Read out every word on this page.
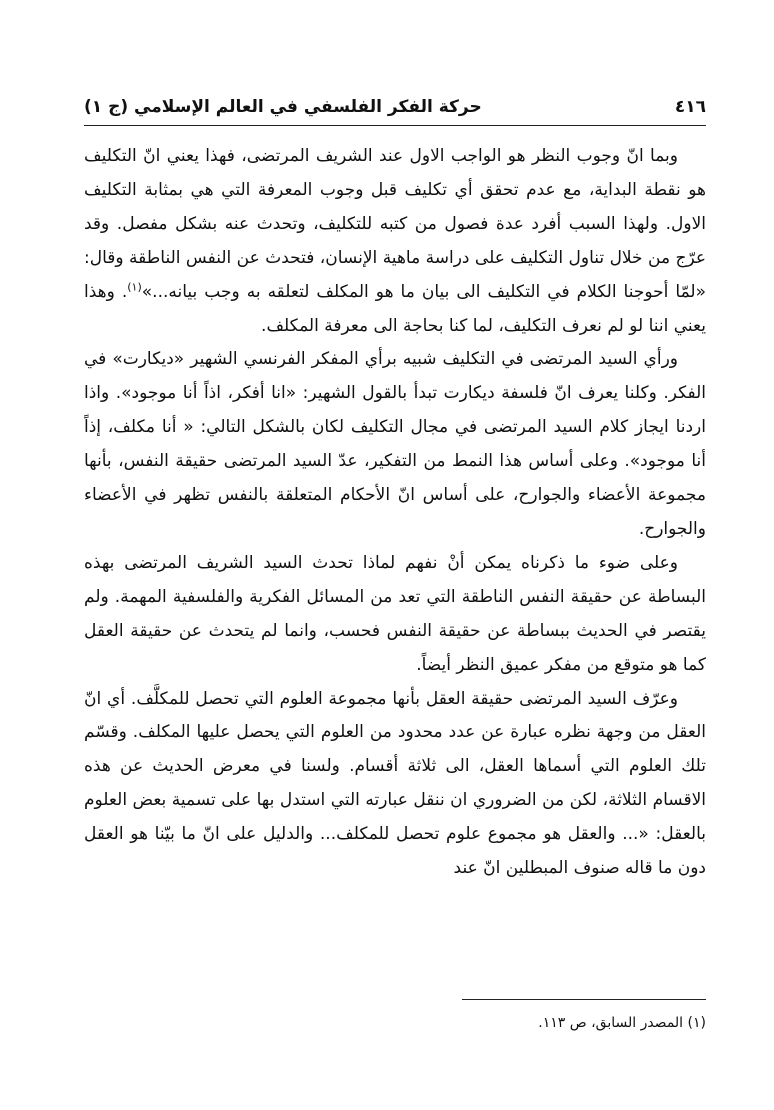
٤١٦
حركة الفكر الفلسفي في العالم الإسلامي (ج ١)

وبما انّ وجوب النظر هو الواجب الاول عند الشريف المرتضى، فهذا يعني انّ التكليف هو نقطة البداية، مع عدم تحقق أي تكليف قبل وجوب المعرفة التي هي بمثابة التكليف الاول. ولهذا السبب أفرد عدة فصول من كتبه للتكليف، وتحدث عنه بشكل مفصل. وقد عرّج من خلال تناول التكليف على دراسة ماهية الإنسان، فتحدث عن النفس الناطقة وقال: «لمّا أحوجنا الكلام في التكليف الى بيان ما هو المكلف لتعلقه به وجب بيانه...»$^{(١)}$. وهذا يعني اننا لو لم نعرف التكليف، لما كنا بحاجة الى معرفة المكلف.

ورأي السيد المرتضى في التكليف شبيه برأي المفكر الفرنسي الشهير «ديكارت» في الفكر. وكلنا يعرف انّ فلسفة ديكارت تبدأ بالقول الشهير: «انا أفكر، اذاً أنا موجود». واذا اردنا ايجاز كلام السيد المرتضى في مجال التكليف لكان بالشكل التالي: « أنا مكلف، إذاً أنا موجود». وعلى أساس هذا النمط من التفكير، عدّ السيد المرتضى حقيقة النفس، بأنها مجموعة الأعضاء والجوارح، على أساس انّ الأحكام المتعلقة بالنفس تظهر في الأعضاء والجوارح.

وعلى ضوء ما ذكرناه يمكن أنْ نفهم لماذا تحدث السيد الشريف المرتضى بهذه البساطة عن حقيقة النفس الناطقة التي تعد من المسائل الفكرية والفلسفية المهمة. ولم يقتصر في الحديث ببساطة عن حقيقة النفس فحسب، وانما لم يتحدث عن حقيقة العقل كما هو متوقع من مفكر عميق النظر أيضاً.

وعرّف السيد المرتضى حقيقة العقل بأنها مجموعة العلوم التي تحصل للمكلَّف. أي انّ العقل من وجهة نظره عبارة عن عدد محدود من العلوم التي يحصل عليها المكلف. وقسّم تلك العلوم التي أسماها العقل، الى ثلاثة أقسام. ولسنا في معرض الحديث عن هذه الاقسام الثلاثة، لكن من الضروري ان ننقل عبارته التي استدل بها على تسمية بعض العلوم بالعقل: «... والعقل هو مجموع علوم تحصل للمكلف... والدليل على انّ ما بيّنا هو العقل دون ما قاله صنوف المبطلين انّ عند

(١) المصدر السابق، ص ١١٣.
